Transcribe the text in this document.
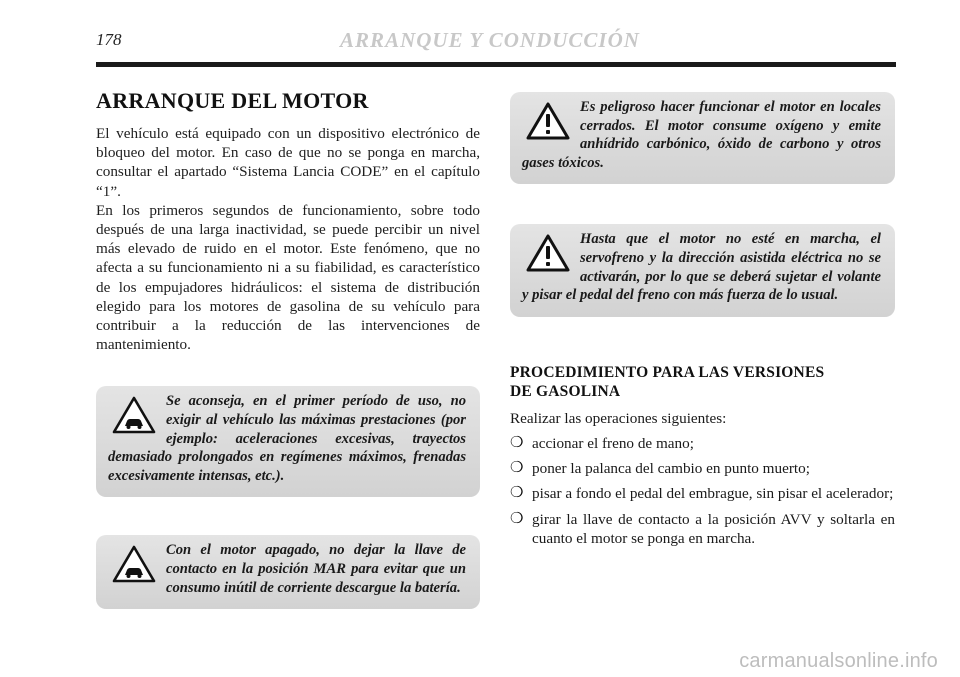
178	ARRANQUE Y CONDUCCIÓN
ARRANQUE DEL MOTOR

El vehículo está equipado con un dispositivo electrónico de bloqueo del motor. En caso de que no se ponga en marcha, consultar el apartado “Sistema Lancia CODE” en el capítulo “1”.

En los primeros segundos de funcionamiento, sobre todo después de una larga inactividad, se puede percibir un nivel más elevado de ruido en el motor. Este fenómeno, que no afecta a su funcionamiento ni a su fiabilidad, es característico de los empujadores hidráulicos: el sistema de distribución elegido para los motores de gasolina de su vehículo para contribuir a la reducción de las intervenciones de mantenimiento.

Se aconseja, en el primer período de uso, no exigir al vehículo las máximas prestaciones (por ejemplo: aceleraciones excesivas, trayectos demasiado prolongados en regímenes máximos, frenadas excesivamente intensas, etc.).
Con el motor apagado, no dejar la llave de contacto en la posición MAR para evitar que un consumo inútil de corriente descargue la batería.
Es peligroso hacer funcionar el motor en locales cerrados. El motor consume oxígeno y emite anhídrido carbónico, óxido de carbono y otros gases tóxicos.
Hasta que el motor no esté en marcha, el servofreno y la dirección asistida eléctrica no se activarán, por lo que se deberá sujetar el volante y pisar el pedal del freno con más fuerza de lo usual.
PROCEDIMIENTO PARA LAS VERSIONES
DE GASOLINA

Realizar las operaciones siguientes:

❍ accionar el freno de mano;
❍ poner la palanca del cambio en punto muerto;
❍ pisar a fondo el pedal del embrague, sin pisar el acelerador;
❍ girar la llave de contacto a la posición AVV y soltarla en cuanto el motor se ponga en marcha.
carmanualsonline.info
